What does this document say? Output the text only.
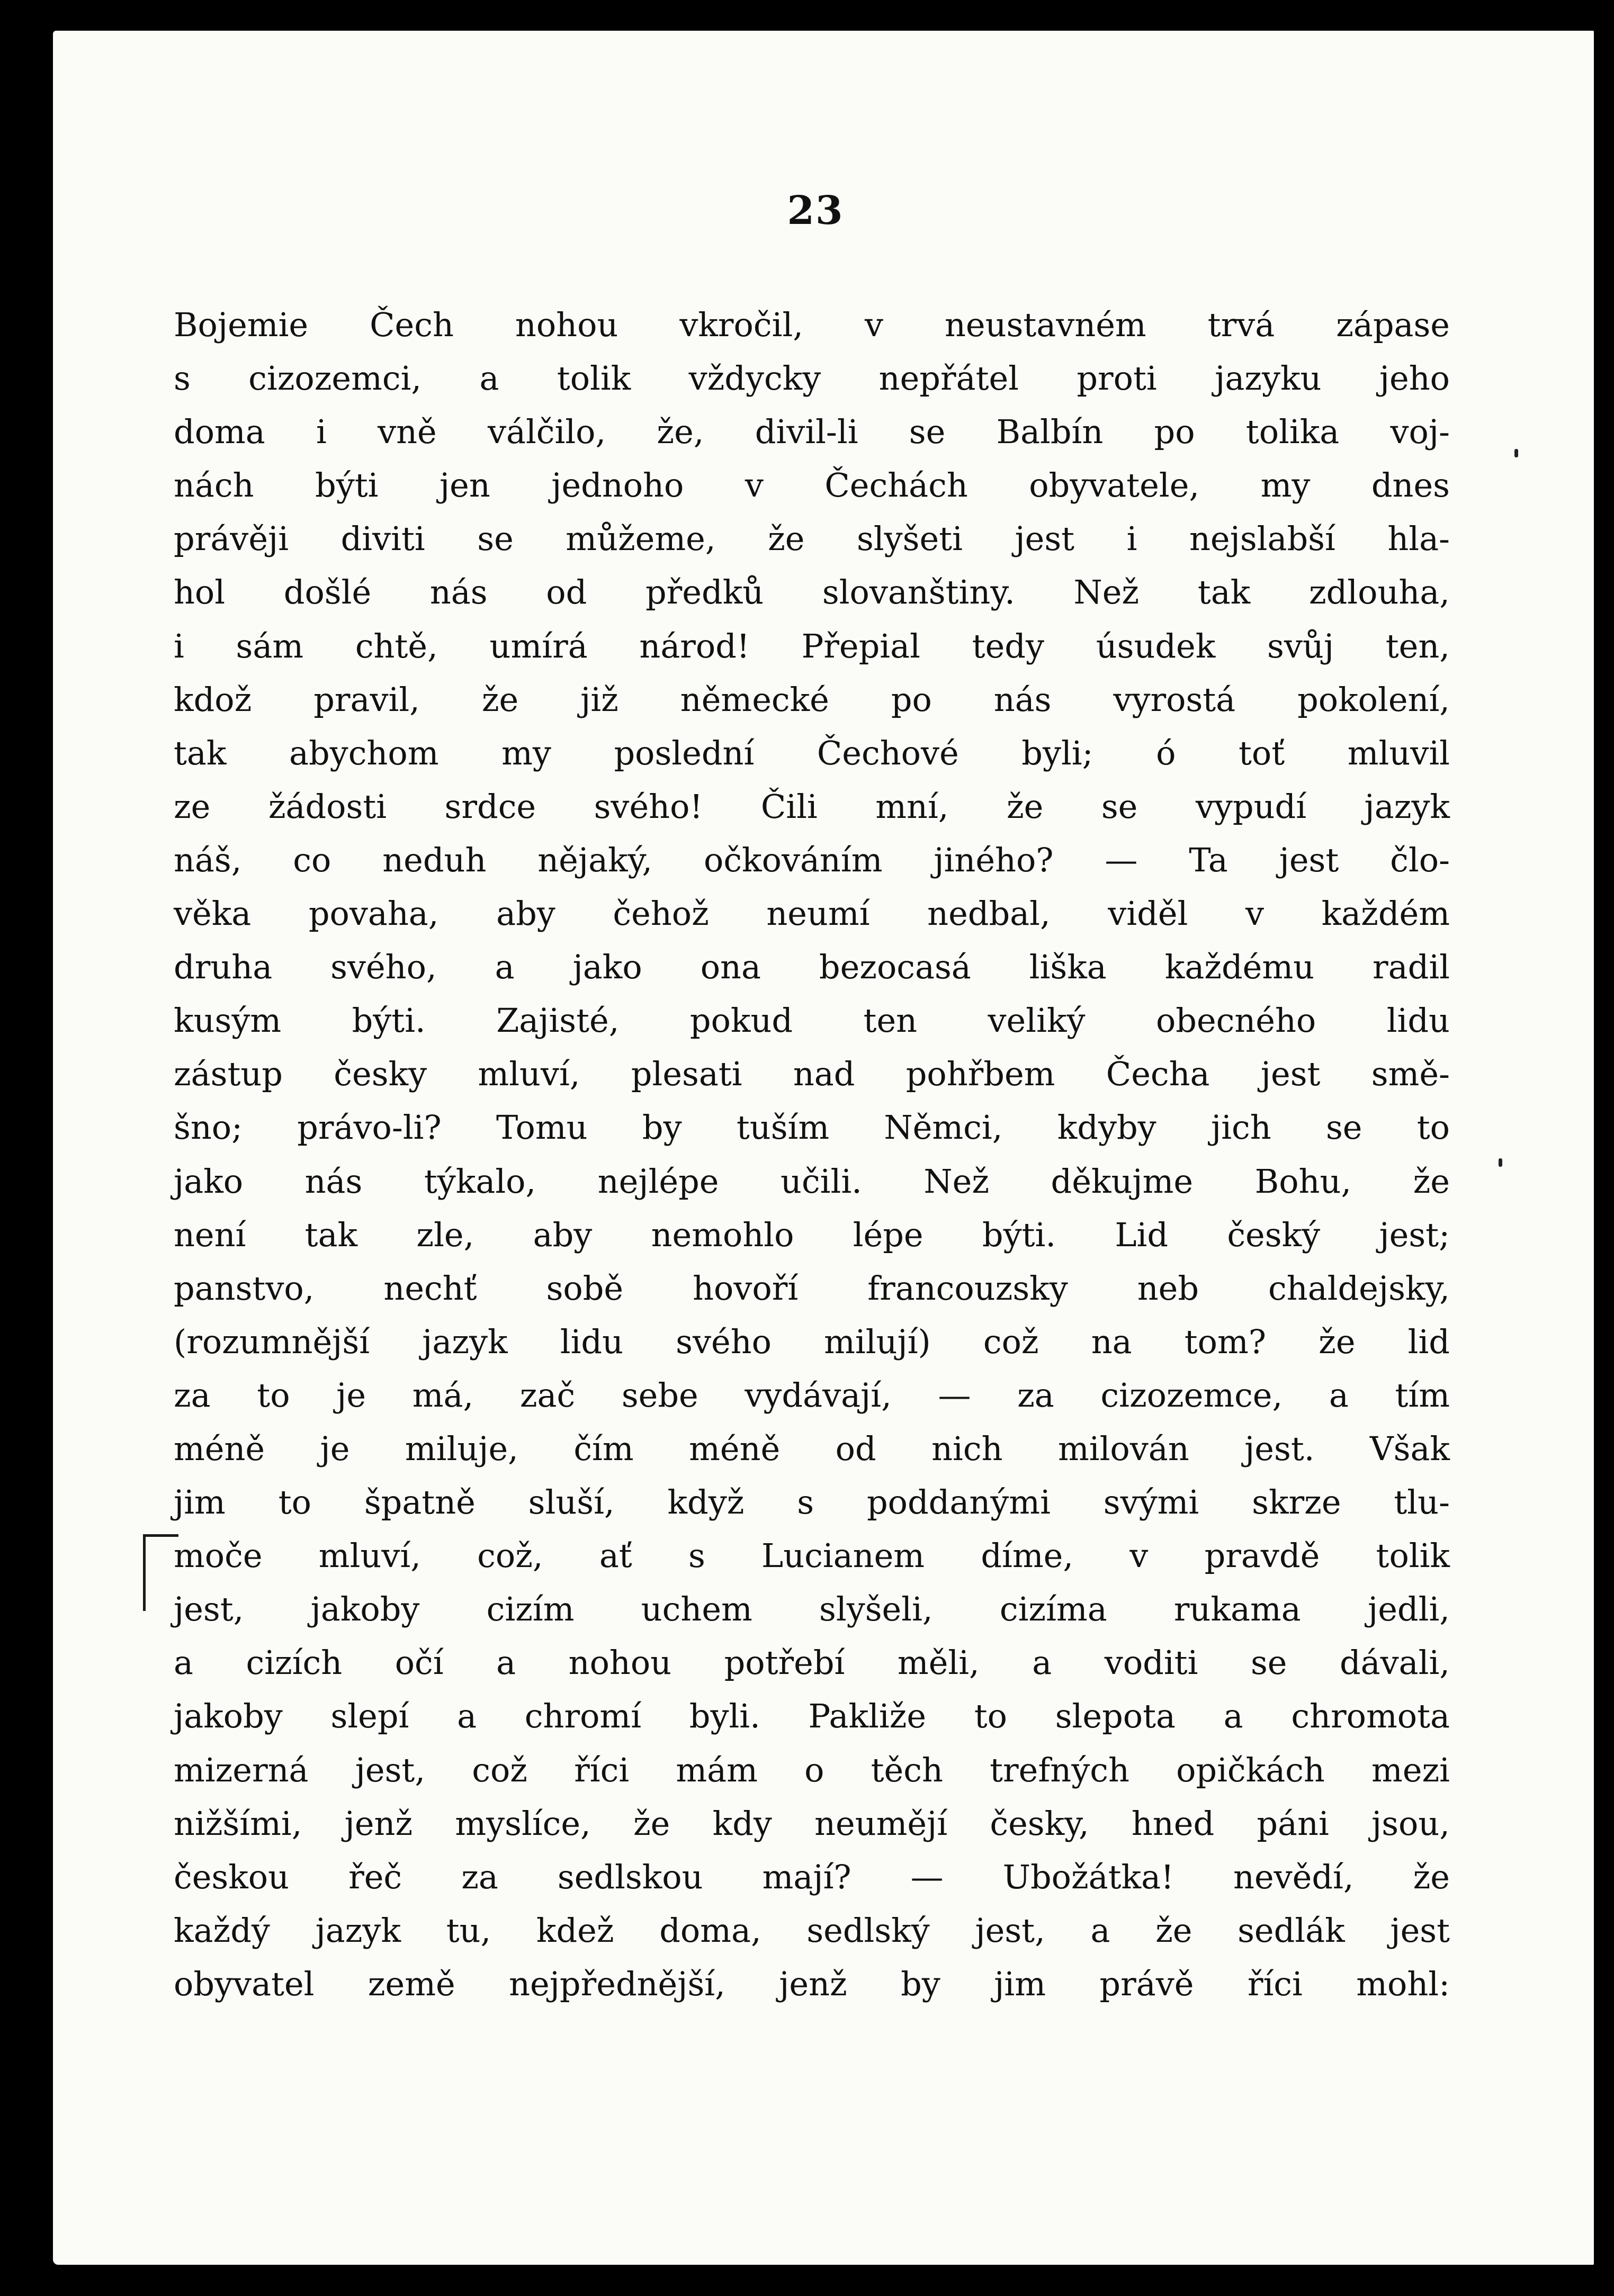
23
Bojemie Čech nohou vkročil, v neustavném trvá zápase
s cizozemci, a tolik vždycky nepřátel proti jazyku jeho
doma i vně válčilo, že, divil-li se Balbín po tolika voj-
nách býti jen jednoho v Čechách obyvatele, my dnes
právěji diviti se můžeme, že slyšeti jest i nejslabší hla-
hol došlé nás od předků slovanštiny. Než tak zdlouha,
i sám chtě, umírá národ! Přepial tedy úsudek svůj ten,
kdož pravil, že již německé po nás vyrostá pokolení,
tak abychom my poslední Čechové byli; ó toť mluvil
ze žádosti srdce svého! Čili mní, že se vypudí jazyk
náš, co neduh nějaký, očkováním jiného? — Ta jest člo-
věka povaha, aby čehož neumí nedbal, viděl v každém
druha svého, a jako ona bezocasá liška každému radil
kusým býti. Zajisté, pokud ten veliký obecného lidu
zástup česky mluví, plesati nad pohřbem Čecha jest smě-
šno; právo-li? Tomu by tuším Němci, kdyby jich se to
jako nás týkalo, nejlépe učili. Než děkujme Bohu, že
není tak zle, aby nemohlo lépe býti. Lid český jest;
panstvo, nechť sobě hovoří francouzsky neb chaldejsky,
(rozumnější jazyk lidu svého milují) což na tom? že lid
za to je má, zač sebe vydávají, — za cizozemce, a tím
méně je miluje, čím méně od nich milován jest. Však
jim to špatně sluší, když s poddanými svými skrze tlu-
moče mluví, což, ať s Lucianem díme, v pravdě tolik
jest, jakoby cizím uchem slyšeli, cizíma rukama jedli,
a cizích očí a nohou potřebí měli, a voditi se dávali,
jakoby slepí a chromí byli. Pakliže to slepota a chromota
mizerná jest, což říci mám o těch trefných opičkách mezi
nižšími, jenž myslíce, že kdy neumějí česky, hned páni jsou,
českou řeč za sedlskou mají? — Ubožátka! nevědí, že
každý jazyk tu, kdež doma, sedlský jest, a že sedlák jest
obyvatel země nejpřednější, jenž by jim právě říci mohl:
